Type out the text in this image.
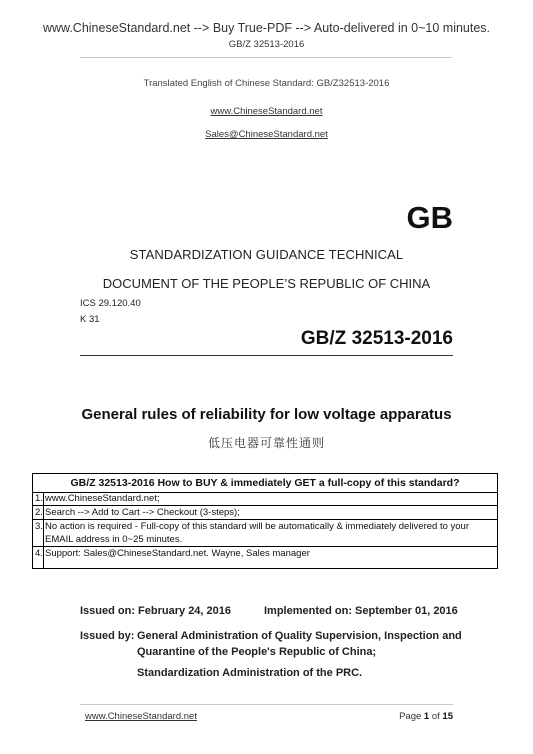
www.ChineseStandard.net --> Buy True-PDF --> Auto-delivered in 0~10 minutes.
GB/Z 32513-2016
Translated English of Chinese Standard: GB/Z32513-2016
www.ChineseStandard.net
Sales@ChineseStandard.net
GB
STANDARDIZATION GUIDANCE TECHNICAL
DOCUMENT OF THE PEOPLE’S REPUBLIC OF CHINA
ICS 29.120.40
K 31
GB/Z 32513-2016
General rules of reliability for low voltage apparatus
低压电器可靠性通则
GB/Z 32513-2016 How to BUY & immediately GET a full-copy of this standard?
1. www.ChineseStandard.net;
2. Search --> Add to Cart --> Checkout (3-steps);
3. No action is required - Full-copy of this standard will be automatically & immediately delivered to your EMAIL address in 0~25 minutes.
4. Support: Sales@ChineseStandard.net. Wayne, Sales manager
Issued on: February 24, 2016	Implemented on: September 01, 2016
Issued by: General Administration of Quality Supervision, Inspection and
Quarantine of the People's Republic of China;
Standardization Administration of the PRC.
www.ChineseStandard.net	Page 1 of 15
